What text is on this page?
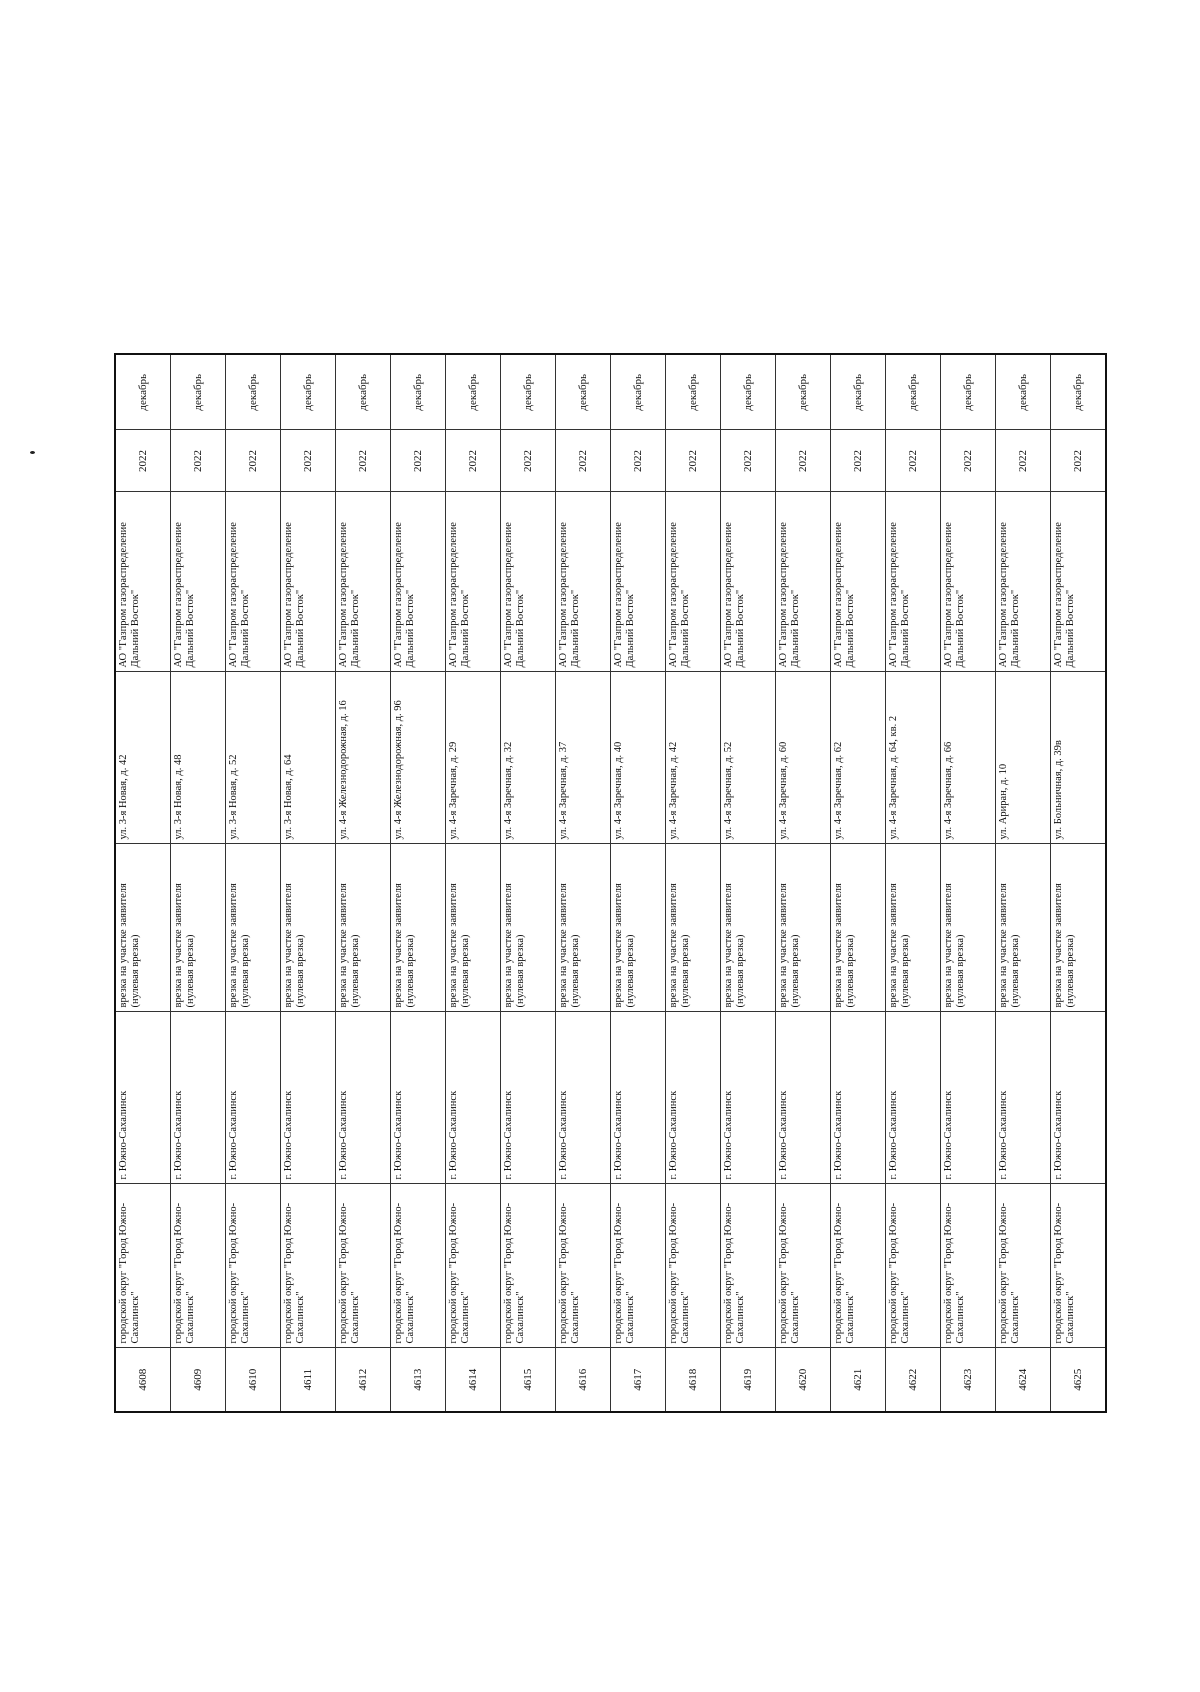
4608	городской округ "Город Южно-Сахалинск"	г. Южно-Сахалинск	врезка на участке заявителя (нулевая врезка)	ул. 3-я Новая, д. 42	АО "Газпром газораспределение Дальний Восток"	2022	декабрь
4609	городской округ "Город Южно-Сахалинск"	г. Южно-Сахалинск	врезка на участке заявителя (нулевая врезка)	ул. 3-я Новая, д. 48	АО "Газпром газораспределение Дальний Восток"	2022	декабрь
4610	городской округ "Город Южно-Сахалинск"	г. Южно-Сахалинск	врезка на участке заявителя (нулевая врезка)	ул. 3-я Новая, д. 52	АО "Газпром газораспределение Дальний Восток"	2022	декабрь
4611	городской округ "Город Южно-Сахалинск"	г. Южно-Сахалинск	врезка на участке заявителя (нулевая врезка)	ул. 3-я Новая, д. 64	АО "Газпром газораспределение Дальний Восток"	2022	декабрь
4612	городской округ "Город Южно-Сахалинск"	г. Южно-Сахалинск	врезка на участке заявителя (нулевая врезка)	ул. 4-я Железнодорожная, д. 16	АО "Газпром газораспределение Дальний Восток"	2022	декабрь
4613	городской округ "Город Южно-Сахалинск"	г. Южно-Сахалинск	врезка на участке заявителя (нулевая врезка)	ул. 4-я Железнодорожная, д. 96	АО "Газпром газораспределение Дальний Восток"	2022	декабрь
4614	городской округ "Город Южно-Сахалинск"	г. Южно-Сахалинск	врезка на участке заявителя (нулевая врезка)	ул. 4-я Заречная, д. 29	АО "Газпром газораспределение Дальний Восток"	2022	декабрь
4615	городской округ "Город Южно-Сахалинск"	г. Южно-Сахалинск	врезка на участке заявителя (нулевая врезка)	ул. 4-я Заречная, д. 32	АО "Газпром газораспределение Дальний Восток"	2022	декабрь
4616	городской округ "Город Южно-Сахалинск"	г. Южно-Сахалинск	врезка на участке заявителя (нулевая врезка)	ул. 4-я Заречная, д. 37	АО "Газпром газораспределение Дальний Восток"	2022	декабрь
4617	городской округ "Город Южно-Сахалинск"	г. Южно-Сахалинск	врезка на участке заявителя (нулевая врезка)	ул. 4-я Заречная, д. 40	АО "Газпром газораспределение Дальний Восток"	2022	декабрь
4618	городской округ "Город Южно-Сахалинск"	г. Южно-Сахалинск	врезка на участке заявителя (нулевая врезка)	ул. 4-я Заречная, д. 42	АО "Газпром газораспределение Дальний Восток"	2022	декабрь
4619	городской округ "Город Южно-Сахалинск"	г. Южно-Сахалинск	врезка на участке заявителя (нулевая врезка)	ул. 4-я Заречная, д. 52	АО "Газпром газораспределение Дальний Восток"	2022	декабрь
4620	городской округ "Город Южно-Сахалинск"	г. Южно-Сахалинск	врезка на участке заявителя (нулевая врезка)	ул. 4-я Заречная, д. 60	АО "Газпром газораспределение Дальний Восток"	2022	декабрь
4621	городской округ "Город Южно-Сахалинск"	г. Южно-Сахалинск	врезка на участке заявителя (нулевая врезка)	ул. 4-я Заречная, д. 62	АО "Газпром газораспределение Дальний Восток"	2022	декабрь
4622	городской округ "Город Южно-Сахалинск"	г. Южно-Сахалинск	врезка на участке заявителя (нулевая врезка)	ул. 4-я Заречная, д. 64, кв. 2	АО "Газпром газораспределение Дальний Восток"	2022	декабрь
4623	городской округ "Город Южно-Сахалинск"	г. Южно-Сахалинск	врезка на участке заявителя (нулевая врезка)	ул. 4-я Заречная, д. 66	АО "Газпром газораспределение Дальний Восток"	2022	декабрь
4624	городской округ "Город Южно-Сахалинск"	г. Южно-Сахалинск	врезка на участке заявителя (нулевая врезка)	ул. Ариран, д. 10	АО "Газпром газораспределение Дальний Восток"	2022	декабрь
4625	городской округ "Город Южно-Сахалинск"	г. Южно-Сахалинск	врезка на участке заявителя (нулевая врезка)	ул. Больничная, д. 39в	АО "Газпром газораспределение Дальний Восток"	2022	декабрь
